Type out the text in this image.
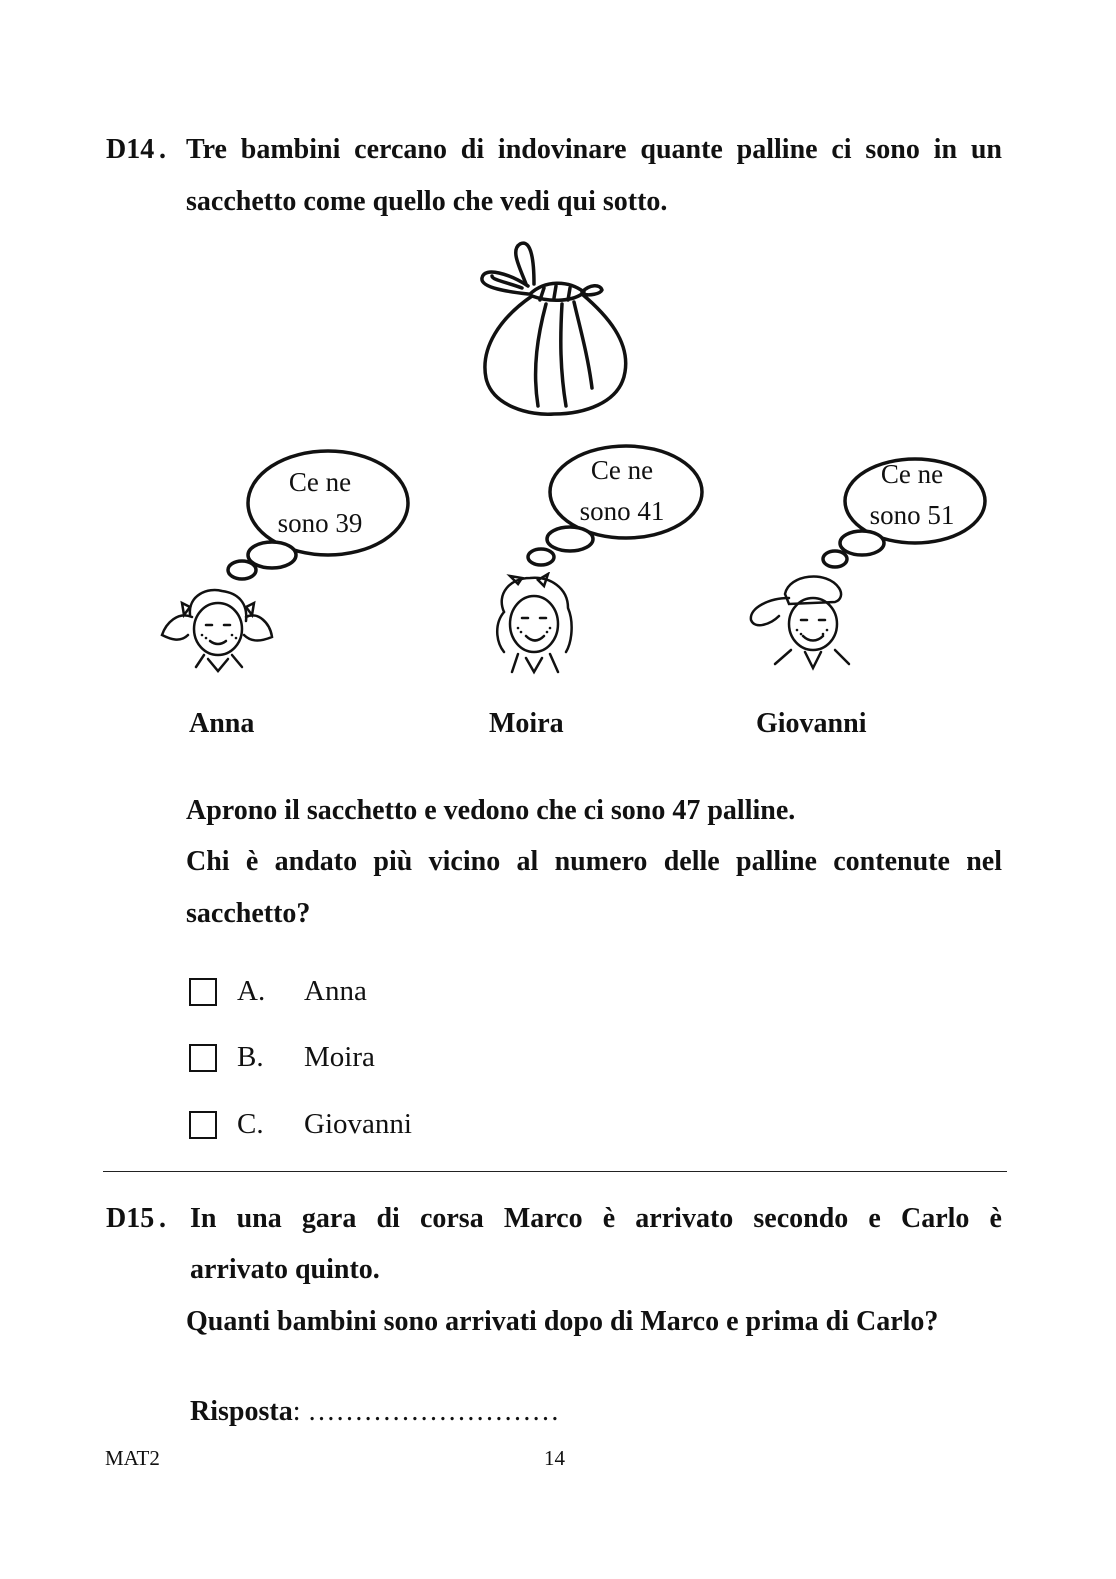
D14 . Tre bambini cercano di indovinare quante palline ci sono in un
sacchetto come quello che vedi qui sotto.
Ce ne
sono 39
Ce ne
sono 41
Ce ne
sono 51
Anna	Moira	Giovanni
Aprono il sacchetto e vedono che ci sono 47 palline.
Chi è andato più vicino al numero delle palline contenute nel
sacchetto?
A. Anna
B. Moira
C. Giovanni
D15 . In una gara di corsa Marco è arrivato secondo e Carlo è
arrivato quinto.
Quanti bambini sono arrivati dopo di Marco e prima di Carlo?
Risposta: ………………………
MAT2	14
